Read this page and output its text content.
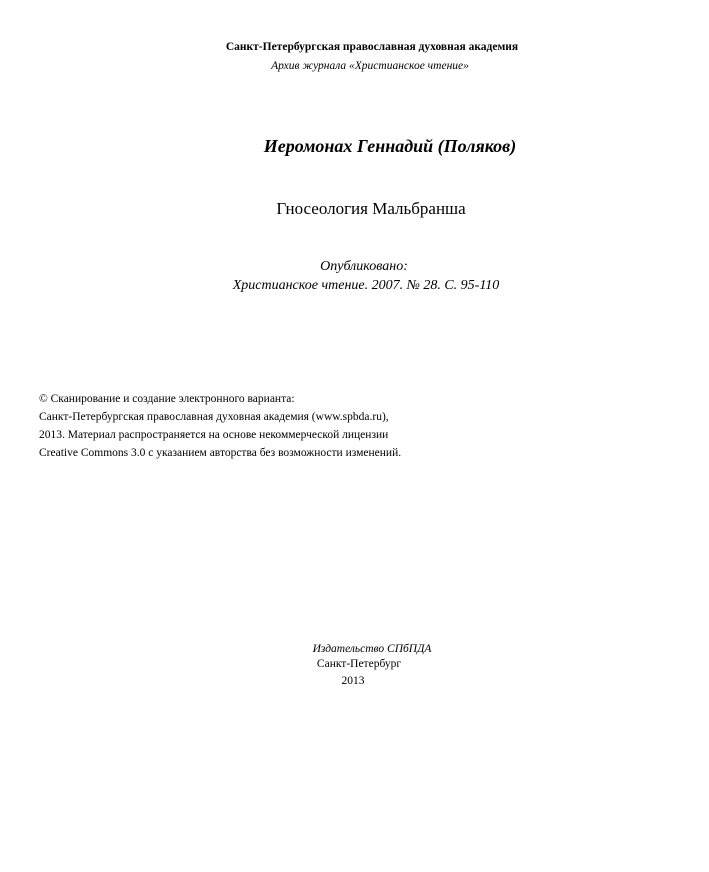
Санкт-Петербургская православная духовная академия
Архив журнала «Христианское чтение»
Иеромонах Геннадий (Поляков)
Гносеология Мальбранша
Опубликовано:
Христианское чтение. 2007. № 28. С. 95-110
© Сканирование и создание электронного варианта:
Санкт-Петербургская православная духовная академия (www.spbda.ru),
2013. Материал распространяется на основе некоммерческой лицензии
Creative Commons 3.0 с указанием авторства без возможности изменений.
Издательство СПбПДА
Санкт-Петербург
2013
